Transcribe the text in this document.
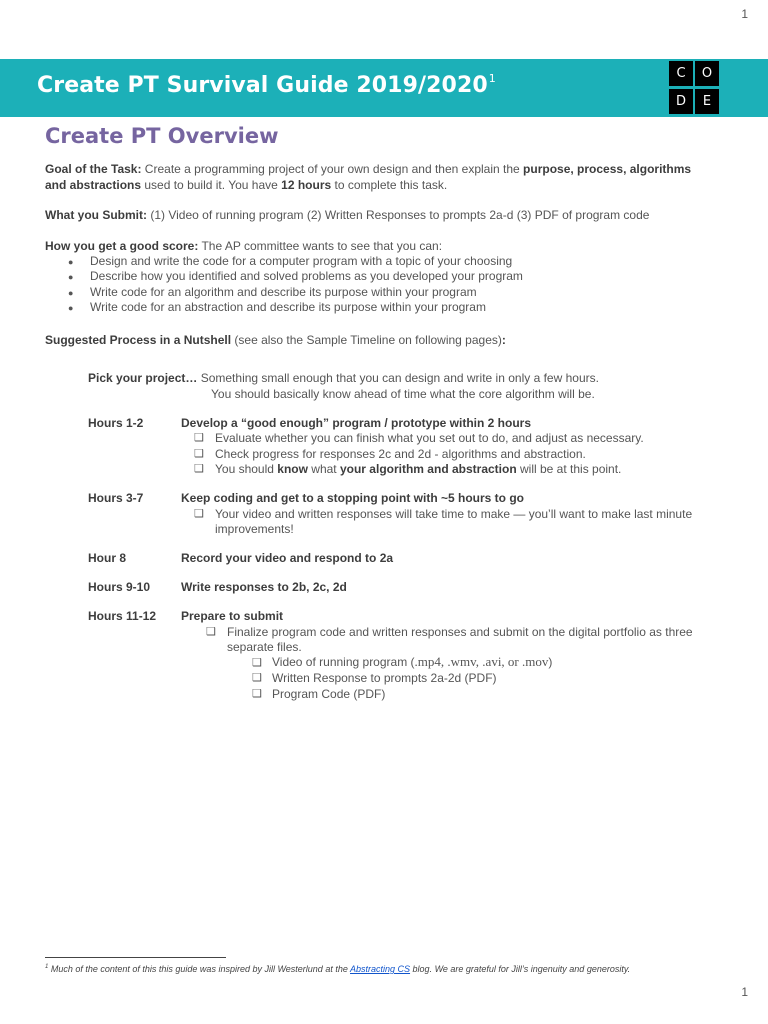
1
Create PT Survival Guide 2019/2020$^1$	C	O
D	E
Create PT Overview
Goal of the Task: Create a programming project of your own design and then explain the purpose, process, algorithms
and abstractions used to build it. You have 12 hours to complete this task.
What you Submit: (1) Video of running program (2) Written Responses to prompts 2a-d (3) PDF of program code
How you get a good score: The AP committee wants to see that you can:
● Design and write the code for a computer program with a topic of your choosing
● Describe how you identified and solved problems as you developed your program
● Write code for an algorithm and describe its purpose within your program
● Write code for an abstraction and describe its purpose within your program
Suggested Process in a Nutshell (see also the Sample Timeline on following pages):
Pick your project… Something small enough that you can design and write in only a few hours.
You should basically know ahead of time what the core algorithm will be.
Hours 1-2	Develop a “good enough” program / prototype within 2 hours
❑ Evaluate whether you can finish what you set out to do, and adjust as necessary.
❑ Check progress for responses 2c and 2d - algorithms and abstraction.
❑ You should know what your algorithm and abstraction will be at this point.
Hours 3-7	Keep coding and get to a stopping point with ~5 hours to go
❑ Your video and written responses will take time to make — you’ll want to make last minute
improvements!
Hour 8	Record your video and respond to 2a
Hours 9-10	Write responses to 2b, 2c, 2d
Hours 11-12 Prepare to submit
❑ Finalize program code and written responses and submit on the digital portfolio as three
separate files.
❑ Video of running program (.mp4, .wmv, .avi, or .mov)
❑ Written Response to prompts 2a-2d (PDF)
❑ Program Code (PDF)
$^1$ Much of the content of this this guide was inspired by Jill Westerlund at the Abstracting CS blog. We are grateful for Jill’s ingenuity and generosity.
1
